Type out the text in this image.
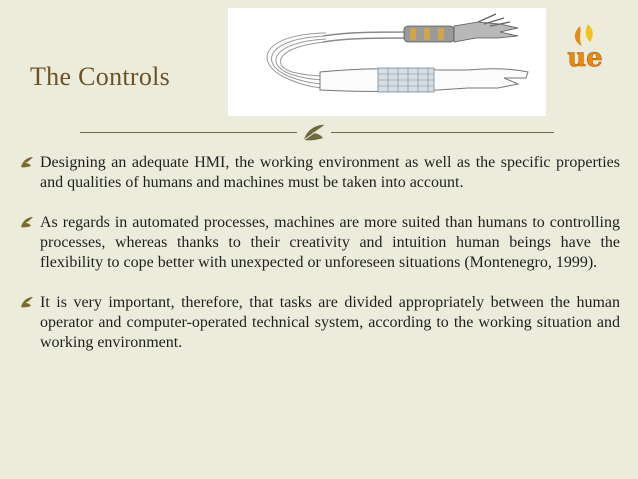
ue
The Controls
Designing an adequate HMI, the working environment as well as the specific properties and qualities of humans and machines must be taken into account.
As regards in automated processes, machines are more suited than humans to controlling processes, whereas thanks to their creativity and intuition human beings have the flexibility to cope better with unexpected or unforeseen situations (Montenegro, 1999).
It is very important, therefore, that tasks are divided appropriately between the human operator and computer-operated technical system, according to the working situation and working environment.
